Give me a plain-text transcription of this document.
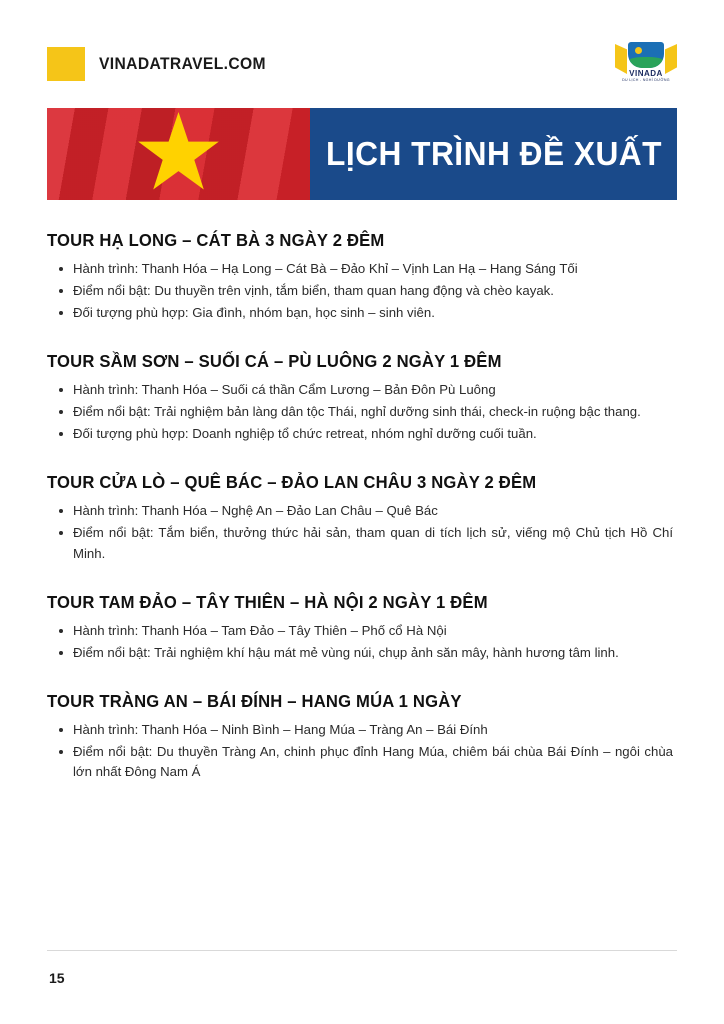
VINADATRAVEL.COM
VINADA
DU LỊCH - NGHỈ DƯỠNG
LỊCH TRÌNH ĐỀ XUẤT
TOUR HẠ LONG – CÁT BÀ 3 NGÀY 2 ĐÊM
Hành trình: Thanh Hóa – Hạ Long – Cát Bà – Đảo Khỉ – Vịnh Lan Hạ – Hang Sáng Tối
Điểm nổi bật: Du thuyền trên vịnh, tắm biển, tham quan hang động và chèo kayak.
Đối tượng phù hợp: Gia đình, nhóm bạn, học sinh – sinh viên.
TOUR SẦM SƠN – SUỐI CÁ – PÙ LUÔNG 2 NGÀY 1 ĐÊM
Hành trình: Thanh Hóa – Suối cá thần Cẩm Lương – Bản Đôn Pù Luông
Điểm nổi bật: Trải nghiệm bản làng dân tộc Thái, nghỉ dưỡng sinh thái, check-in ruộng bậc thang.
Đối tượng phù hợp: Doanh nghiệp tổ chức retreat, nhóm nghỉ dưỡng cuối tuần.
TOUR CỬA LÒ – QUÊ BÁC – ĐẢO LAN CHÂU 3 NGÀY 2 ĐÊM
Hành trình: Thanh Hóa – Nghệ An – Đảo Lan Châu – Quê Bác
Điểm nổi bật: Tắm biển, thưởng thức hải sản, tham quan di tích lịch sử, viếng mộ Chủ tịch Hồ Chí Minh.
TOUR TAM ĐẢO – TÂY THIÊN – HÀ NỘI 2 NGÀY 1 ĐÊM
Hành trình: Thanh Hóa – Tam Đảo – Tây Thiên – Phố cổ Hà Nội
Điểm nổi bật: Trải nghiệm khí hậu mát mẻ vùng núi, chụp ảnh săn mây, hành hương tâm linh.
TOUR TRÀNG AN – BÁI ĐÍNH – HANG MÚA 1 NGÀY
Hành trình: Thanh Hóa – Ninh Bình – Hang Múa – Tràng An – Bái Đính
Điểm nổi bật: Du thuyền Tràng An, chinh phục đỉnh Hang Múa, chiêm bái chùa Bái Đính – ngôi chùa lớn nhất Đông Nam Á
15
